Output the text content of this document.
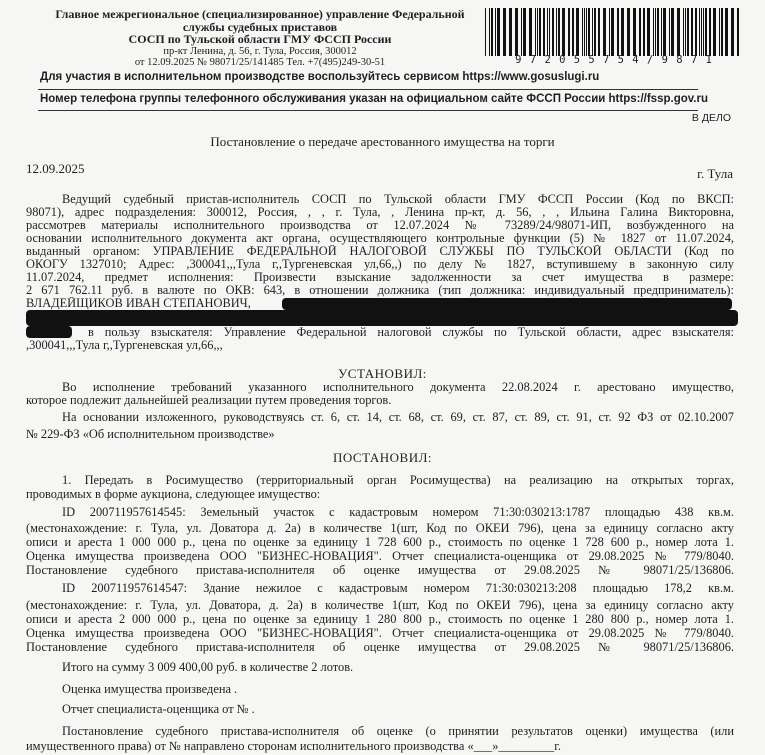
Главное межрегиональное (специализированное) управление Федеральной
службы судебных приставов
СОСП по Тульской области ГМУ ФССП России
пр-кт Ленина, д. 56, г. Тула, Россия, 300012
от 12.09.2025 № 98071/25/141485 Тел. +7(495)249-30-51	9 7 2 0 5 5 7 5 4 / 9 8 7 1
Для участия в исполнительном производстве воспользуйтесь сервисом https://www.gosuslugi.ru
Номер телефона группы телефонного обслуживания указан на официальном сайте ФССП России https://fssp.gov.ru
В ДЕЛО
Постановление о передаче арестованного имущества на торги
12.09.2025	г. Тула
Ведущий судебный пристав-исполнитель СОСП по Тульской области ГМУ ФССП России (Код по ВКСП:
98071), адрес подразделения: 300012, Россия, , , г. Тула, , Ленина пр-кт, д. 56, , , Ильина Галина Викторовна,
рассмотрев материалы исполнительного производства от 12.07.2024 № 73289/24/98071-ИП, возбужденного на
основании исполнительного документа акт органа, осуществляющего контрольные функции (5) № 1827 от 11.07.2024,
выданный органом: УПРАВЛЕНИЕ ФЕДЕРАЛЬНОЙ НАЛОГОВОЙ СЛУЖБЫ ПО ТУЛЬСКОЙ ОБЛАСТИ (Код по
ОКОГУ 1327010; Адрес: ,300041,,,Тула г,,Тургеневская ул,66,,) по делу № 1827, вступившему в законную силу
11.07.2024, предмет исполнения: Произвести взыскание задолженности за счет имущества в размере:
2 671 762.11 руб. в валюте по ОКВ: 643, в отношении должника (тип должника: индивидуальный предприниматель):
ВЛАДЕЙЩИКОВ ИВАН СТЕПАНОВИЧ,
в пользу взыскателя: Управление Федеральной налоговой службы по Тульской области, адрес взыскателя:
,300041,,,Тула г,,Тургеневская ул,66,,,
УСТАНОВИЛ:
Во исполнение требований указанного исполнительного документа 22.08.2024 г. арестовано имущество,
которое подлежит дальнейшей реализации путем проведения торгов.
На основании изложенного, руководствуясь ст. 6, ст. 14, ст. 68, ст. 69, ст. 87, ст. 89, ст. 91, ст. 92 ФЗ от 02.10.2007
№ 229-ФЗ «Об исполнительном производстве»
ПОСТАНОВИЛ:
1. Передать в Росимущество (территориальный орган Росимущества) на реализацию на открытых торгах,
проводимых в форме аукциона, следующее имущество:
ID 200711957614545: Земельный участок с кадастровым номером 71:30:030213:1787 площадью 438 кв.м.
(местонахождение: г. Тула, ул. Доватора д. 2а) в количестве 1(шт, Код по ОКЕИ 796), цена за единицу согласно акту
описи и ареста 1 000 000 р., цена по оценке за единицу 1 728 600 р., стоимость по оценке 1 728 600 р., номер лота 1.
Оценка имущества произведена ООО "БИЗНЕС-НОВАЦИЯ". Отчет специалиста-оценщика от 29.08.2025 № 779/8040.
Постановление судебного пристава-исполнителя об оценке имущества от 29.08.2025 № 98071/25/136806.
ID 200711957614547: Здание нежилое с кадастровым номером 71:30:030213:208 площадью 178,2 кв.м.
(местонахождение: г. Тула, ул. Доватора, д. 2а) в количестве 1(шт, Код по ОКЕИ 796), цена за единицу согласно акту
описи и ареста 2 000 000 р., цена по оценке за единицу 1 280 800 р., стоимость по оценке 1 280 800 р., номер лота 1.
Оценка имущества произведена ООО "БИЗНЕС-НОВАЦИЯ". Отчет специалиста-оценщика от 29.08.2025 № 779/8040.
Постановление судебного пристава-исполнителя об оценке имущества от 29.08.2025 № 98071/25/136806.
Итого на сумму 3 009 400,00 руб. в количестве 2 лотов.
Оценка имущества произведена .
Отчет специалиста-оценщика от № .
Постановление судебного пристава-исполнителя об оценке (о принятии результатов оценки) имущества (или
имущественного права) от № направлено сторонам исполнительного производства «___»_________г.
